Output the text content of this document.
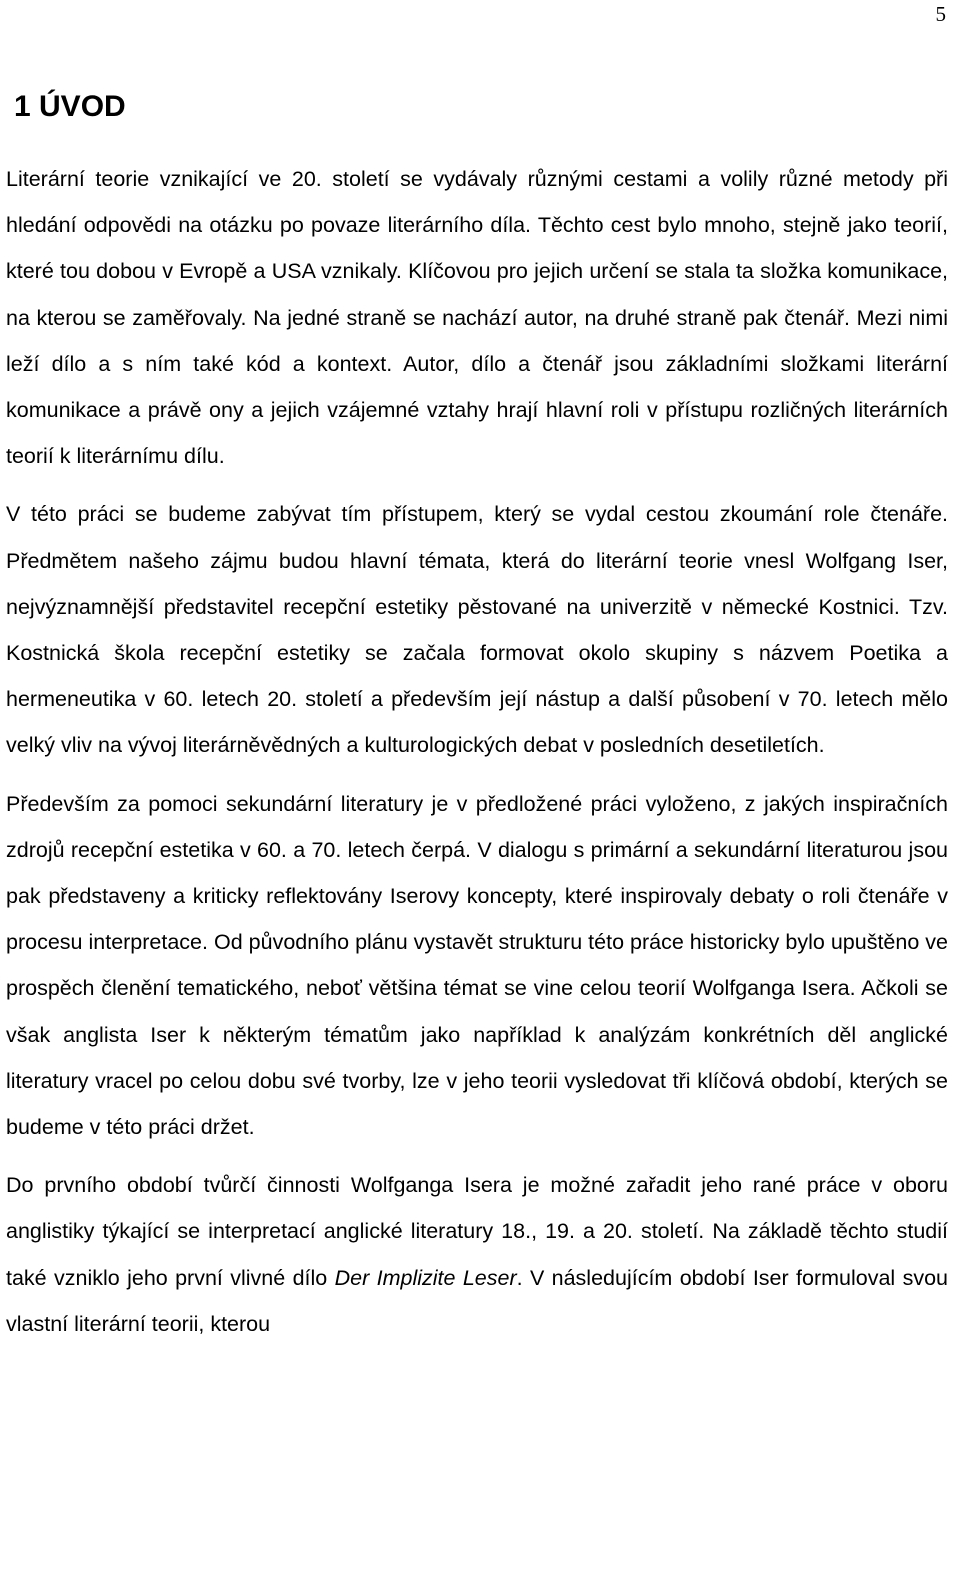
5
1 ÚVOD

Literární teorie vznikající ve 20. století se vydávaly různými cestami a volily různé metody při hledání odpovědi na otázku po povaze literárního díla. Těchto cest bylo mnoho, stejně jako teorií, které tou dobou v Evropě a USA vznikaly. Klíčovou pro jejich určení se stala ta složka komunikace, na kterou se zaměřovaly. Na jedné straně se nachází autor, na druhé straně pak čtenář. Mezi nimi leží dílo a s ním také kód a kontext. Autor, dílo a čtenář jsou základními složkami literární komunikace a právě ony a jejich vzájemné vztahy hrají hlavní roli v přístupu rozličných literárních teorií k literárnímu dílu.

V této práci se budeme zabývat tím přístupem, který se vydal cestou zkoumání role čtenáře. Předmětem našeho zájmu budou hlavní témata, která do literární teorie vnesl Wolfgang Iser, nejvýznamnější představitel recepční estetiky pěstované na univerzitě v německé Kostnici. Tzv. Kostnická škola recepční estetiky se začala formovat okolo skupiny s názvem Poetika a hermeneutika v 60. letech 20. století a především její nástup a další působení v 70. letech mělo velký vliv na vývoj literárněvědných a kulturologických debat v posledních desetiletích.

Především za pomoci sekundární literatury je v předložené práci vyloženo, z jakých inspiračních zdrojů recepční estetika v 60. a 70. letech čerpá. V dialogu s primární a sekundární literaturou jsou pak představeny a kriticky reflektovány Iserovy koncepty, které inspirovaly debaty o roli čtenáře v procesu interpretace. Od původního plánu vystavět strukturu této práce historicky bylo upuštěno ve prospěch členění tematického, neboť většina témat se vine celou teorií Wolfganga Isera. Ačkoli se však anglista Iser k některým tématům jako například k analýzám konkrétních děl anglické literatury vracel po celou dobu své tvorby, lze v jeho teorii vysledovat tři klíčová období, kterých se budeme v této práci držet.

Do prvního období tvůrčí činnosti Wolfganga Isera je možné zařadit jeho rané práce v oboru anglistiky týkající se interpretací anglické literatury 18., 19. a 20. století. Na základě těchto studií také vzniklo jeho první vlivné dílo Der Implizite Leser. V následujícím období Iser formuloval svou vlastní literární teorii, kterou
